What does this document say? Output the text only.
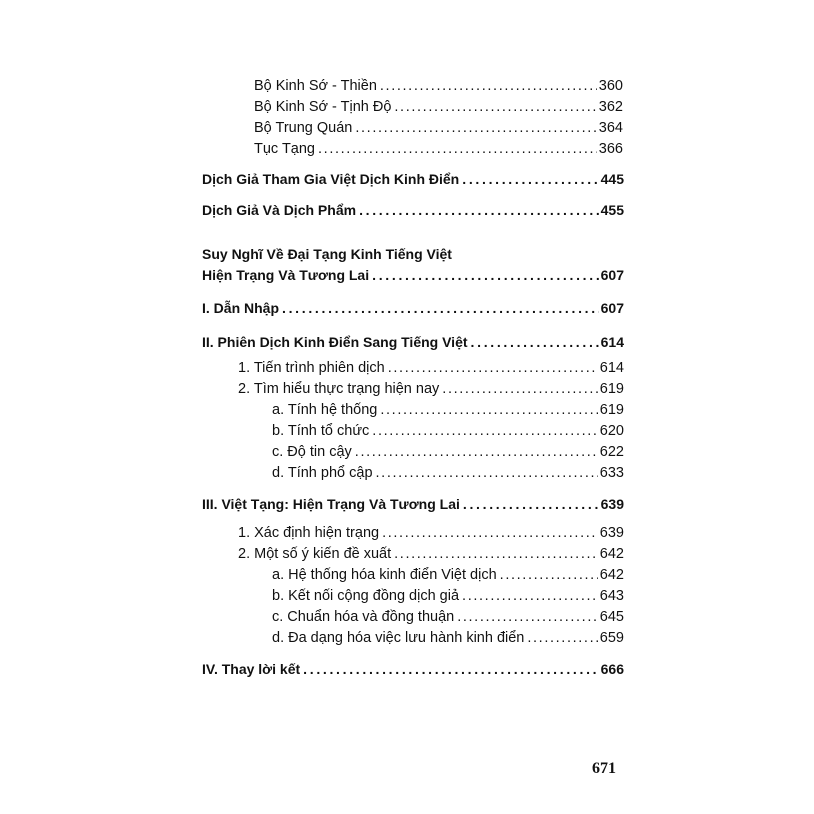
Bộ Kinh Sớ - Thiền . . .	360
Bộ Kinh Sớ - Tịnh Độ . . .	362
Bộ Trung Quán . . .	364
Tục Tạng . . .	366
Dịch Giả Tham Gia Việt Dịch Kinh Điển . . .	445
Dịch Giả Và Dịch Phẩm . . .	455
Suy Nghĩ Về Đại Tạng Kinh Tiếng Việt
Hiện Trạng Và Tương Lai . . .	607
I. Dẫn Nhập . . .	607
II. Phiên Dịch Kinh Điển Sang Tiếng Việt . . .	614
1. Tiến trình phiên dịch . . .	614
2. Tìm hiểu thực trạng hiện nay . . .	619
a. Tính hệ thống . . .	619
b. Tính tổ chức . . .	620
c. Độ tin cậy . . .	622
d. Tính phổ cập . . .	633
III. Việt Tạng: Hiện Trạng Và Tương Lai . . .	639
1. Xác định hiện trạng . . .	639
2. Một số ý kiến đề xuất . . .	642
a. Hệ thống hóa kinh điển Việt dịch . . .	642
b. Kết nối cộng đồng dịch giả . . .	643
c. Chuẩn hóa và đồng thuận . . .	645
d. Đa dạng hóa việc lưu hành kinh điển . . .	659
IV. Thay lời kết . . .	666
671
